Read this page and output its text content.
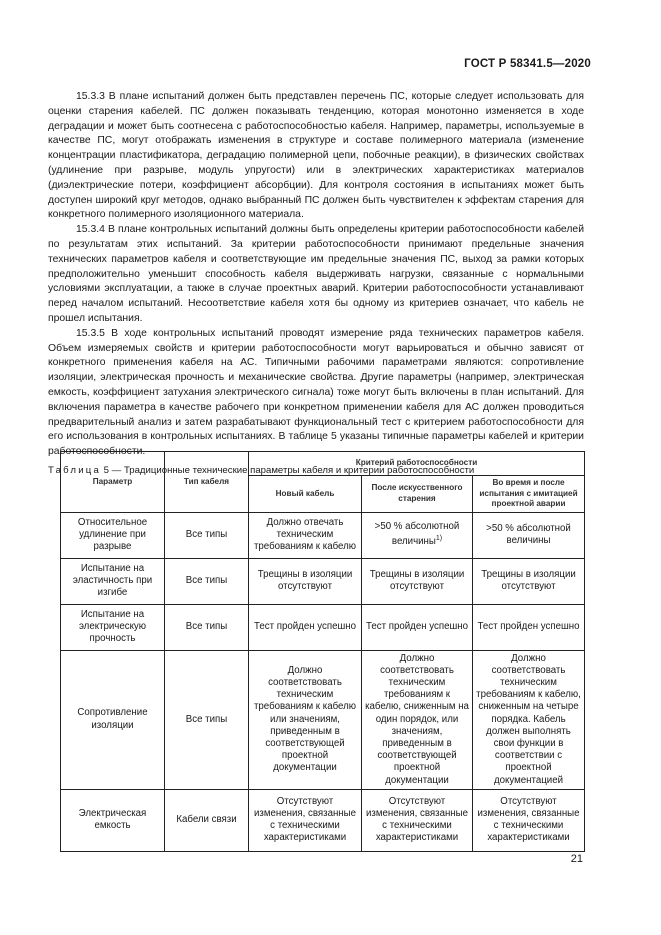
ГОСТ Р 58341.5—2020

15.3.3 В плане испытаний должен быть представлен перечень ПС, которые следует использовать для оценки старения кабелей. ПС должен показывать тенденцию, которая монотонно изменяется в ходе деградации и может быть соотнесена с работоспособностью кабеля. Например, параметры, используемые в качестве ПС, могут отображать изменения в структуре и составе полимерного материала (изменение концентрации пластификатора, деградацию полимерной цепи, побочные реакции), в физических свойствах (удлинение при разрыве, модуль упругости) или в электрических характеристиках материалов (диэлектрические потери, коэффициент абсорбции). Для контроля состояния в испытаниях может быть доступен широкий круг методов, однако выбранный ПС должен быть чувствителен к эффектам старения для конкретного полимерного изоляционного материала.

15.3.4 В плане контрольных испытаний должны быть определены критерии работоспособности кабелей по результатам этих испытаний. За критерии работоспособности принимают предельные значения технических параметров кабеля и соответствующие им предельные значения ПС, выход за рамки которых предположительно уменьшит способность кабеля выдерживать нагрузки, связанные с нормальными условиями эксплуатации, а также в случае проектных аварий. Критерии работоспособности устанавливают перед началом испытаний. Несоответствие кабеля хотя бы одному из критериев означает, что кабель не прошел испытания.

15.3.5 В ходе контрольных испытаний проводят измерение ряда технических параметров кабеля. Объем измеряемых свойств и критерии работоспособности могут варьироваться и обычно зависят от конкретного применения кабеля на АС. Типичными рабочими параметрами являются: сопротивление изоляции, электрическая прочность и механические свойства. Другие параметры (например, электрическая емкость, коэффициент затухания электрического сигнала) тоже могут быть включены в план испытаний. Для включения параметра в качестве рабочего при конкретном применении кабеля для АС должен проводиться предварительный анализ и затем разрабатывают функциональный тест с критерием работоспособности для его использования в контрольных испытаниях. В таблице 5 указаны типичные параметры кабелей и критерии работоспособности.

Таблица 5 — Традиционные технические параметры кабеля и критерии работоспособности
Параметр	Тип кабеля	Критерий работоспособности		
		Новый кабель	После искусственного старения	Во время и после испытания с имитацией проектной аварии
Относительное удлинение при разрыве	Все типы	Должно отвечать техническим требованиям к кабелю	>50 % абсолютной величины$^{1)}$	>50 % абсолютной величины
Испытание на эластичность при изгибе	Все типы	Трещины в изоляции отсутствуют	Трещины в изоляции отсутствуют	Трещины в изоляции отсутствуют
Испытание на электрическую прочность	Все типы	Тест пройден успешно	Тест пройден успешно	Тест пройден успешно
Сопротивление изоляции	Все типы	Должно соответствовать техническим требованиям к кабелю или значениям, приведенным в соответствующей проектной документации	Должно соответствовать техническим требованиям к кабелю, сниженным на один порядок, или значениям, приведенным в соответствующей проектной документации	Должно соответствовать техническим требованиям к кабелю, сниженным на четыре порядка. Кабель должен выполнять свои функции в соответствии с проектной документацией
Электрическая емкость	Кабели связи	Отсутствуют изменения, связанные с техническими характеристиками	Отсутствуют изменения, связанные с техническими характеристиками	Отсутствуют изменения, связанные с техническими характеристиками
21
